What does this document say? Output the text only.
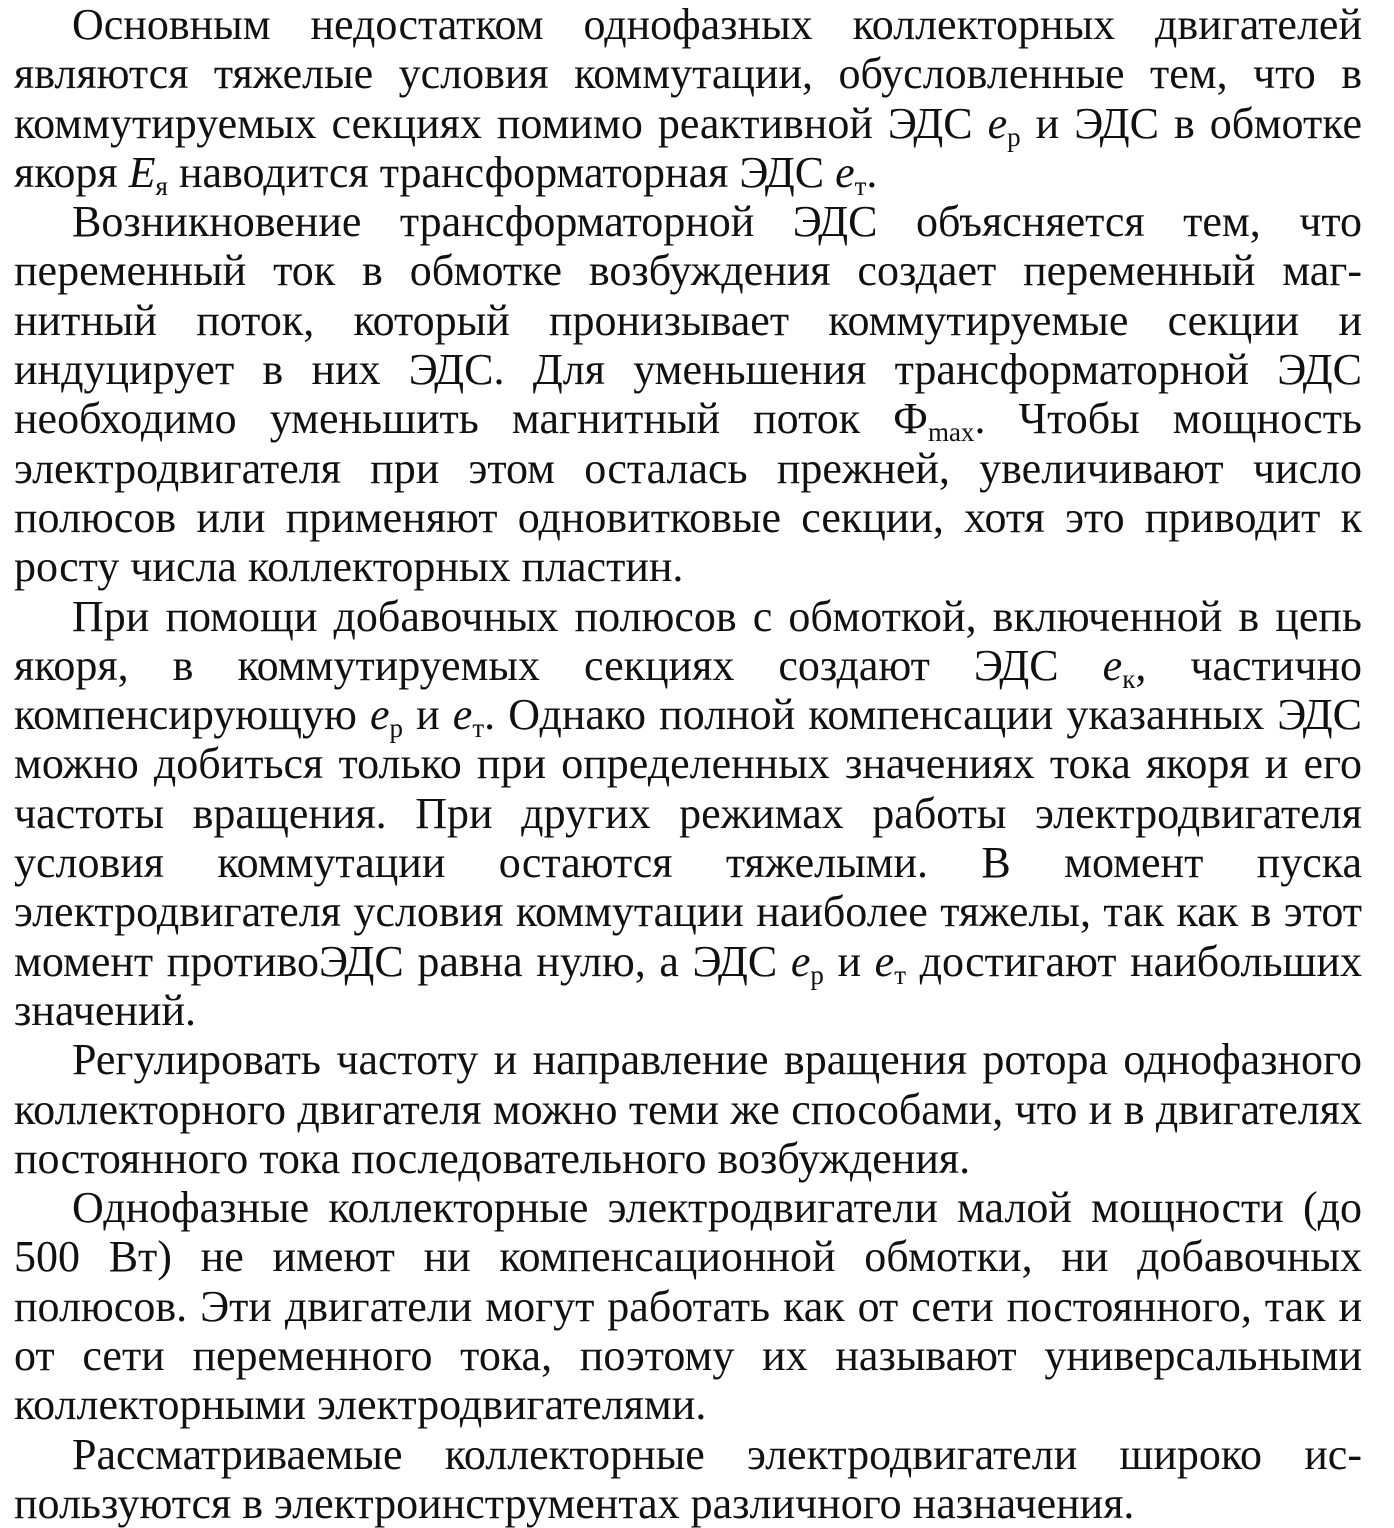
Основным недостатком однофазных коллекторных двигателей являются тяжелые условия коммутации, обусловленные тем, что в коммутируемых секциях помимо реактивной ЭДС $e_р$ и ЭДС в обмотке якоря $E_я$ наводится трансформаторная ЭДС $e_т$.

Возникновение трансформаторной ЭДС объясняется тем, что переменный ток в обмотке возбуждения создает переменный магнитный поток, который пронизывает коммутируемые секции и индуцирует в них ЭДС. Для уменьшения трансформаторной ЭДС необходимо уменьшить магнитный поток $Ф_{max}$. Чтобы мощность электродвигателя при этом осталась прежней, увеличивают число полюсов или применяют одновитковые секции, хотя это приводит к росту числа коллекторных пластин.

При помощи добавочных полюсов с обмоткой, включенной в цепь якоря, в коммутируемых секциях создают ЭДС $e_к$, частично компенсирующую $e_р$ и $e_т$. Однако полной компенсации указанных ЭДС можно добиться только при определенных значениях тока якоря и его частоты вращения. При других режимах работы электродвигателя условия коммутации остаются тяжелыми. В момент пуска электродвигателя условия коммутации наиболее тяжелы, так как в этот момент противоЭДС равна нулю, а ЭДС $e_р$ и $e_т$ достигают наибольших значений.

Регулировать частоту и направление вращения ротора однофазного коллекторного двигателя можно теми же способами, что и в двигателях постоянного тока последовательного возбуждения.

Однофазные коллекторные электродвигатели малой мощности (до 500 Вт) не имеют ни компенсационной обмотки, ни добавочных полюсов. Эти двигатели могут работать как от сети постоянного, так и от сети переменного тока, поэтому их называют универсальными коллекторными электродвигателями.

Рассматриваемые коллекторные электродвигатели широко используются в электроинструментах различного назначения.
